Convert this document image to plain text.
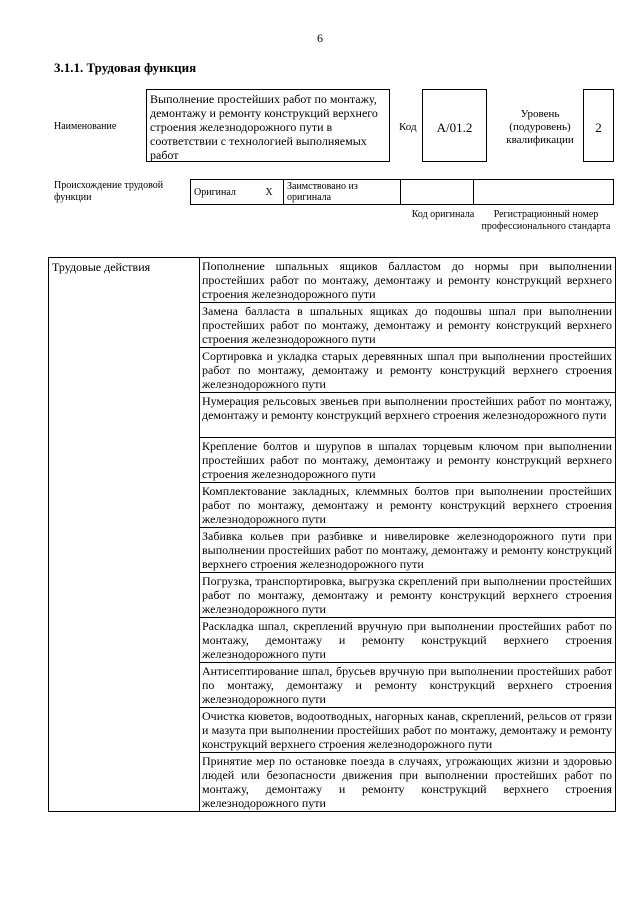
6
3.1.1. Трудовая функция
Наименование
Выполнение простейших работ по монтажу, демонтажу и ремонту конструкций верхнего строения железнодорожного пути в соответствии с технологией выполняемых работ
Код	A/01.2
Уровень (подуровень) квалификации
2
Происхождение трудовой функции	Оригинал	X	Заимствовано из оригинала		
Код оригинала	Регистрационный номер профессионального стандарта
Трудовые действия	Пополнение шпальных ящиков балластом до нормы при выполнении простейших работ по монтажу, демонтажу и ремонту конструкций верхнего строения железнодорожного пути
Замена балласта в шпальных ящиках до подошвы шпал при выполнении простейших работ по монтажу, демонтажу и ремонту конструкций верхнего строения железнодорожного пути
Сортировка и укладка старых деревянных шпал при выполнении простейших работ по монтажу, демонтажу и ремонту конструкций верхнего строения железнодорожного пути
Нумерация рельсовых звеньев при выполнении простейших работ по монтажу, демонтажу и ремонту конструкций верхнего строения железнодорожного пути
Крепление болтов и шурупов в шпалах торцевым ключом при выполнении простейших работ по монтажу, демонтажу и ремонту конструкций верхнего строения железнодорожного пути
Комплектование закладных, клеммных болтов при выполнении простейших работ по монтажу, демонтажу и ремонту конструкций верхнего строения железнодорожного пути
Забивка кольев при разбивке и нивелировке железнодорожного пути при выполнении простейших работ по монтажу, демонтажу и ремонту конструкций верхнего строения железнодорожного пути
Погрузка, транспортировка, выгрузка скреплений при выполнении простейших работ по монтажу, демонтажу и ремонту конструкций верхнего строения железнодорожного пути
Раскладка шпал, скреплений вручную при выполнении простейших работ по монтажу, демонтажу и ремонту конструкций верхнего строения железнодорожного пути
Антисептирование шпал, брусьев вручную при выполнении простейших работ по монтажу, демонтажу и ремонту конструкций верхнего строения железнодорожного пути
Очистка кюветов, водоотводных, нагорных канав, скреплений, рельсов от грязи и мазута при выполнении простейших работ по монтажу, демонтажу и ремонту конструкций верхнего строения железнодорожного пути
Принятие мер по остановке поезда в случаях, угрожающих жизни и здоровью людей или безопасности движения при выполнении простейших работ по монтажу, демонтажу и ремонту конструкций верхнего строения железнодорожного пути
